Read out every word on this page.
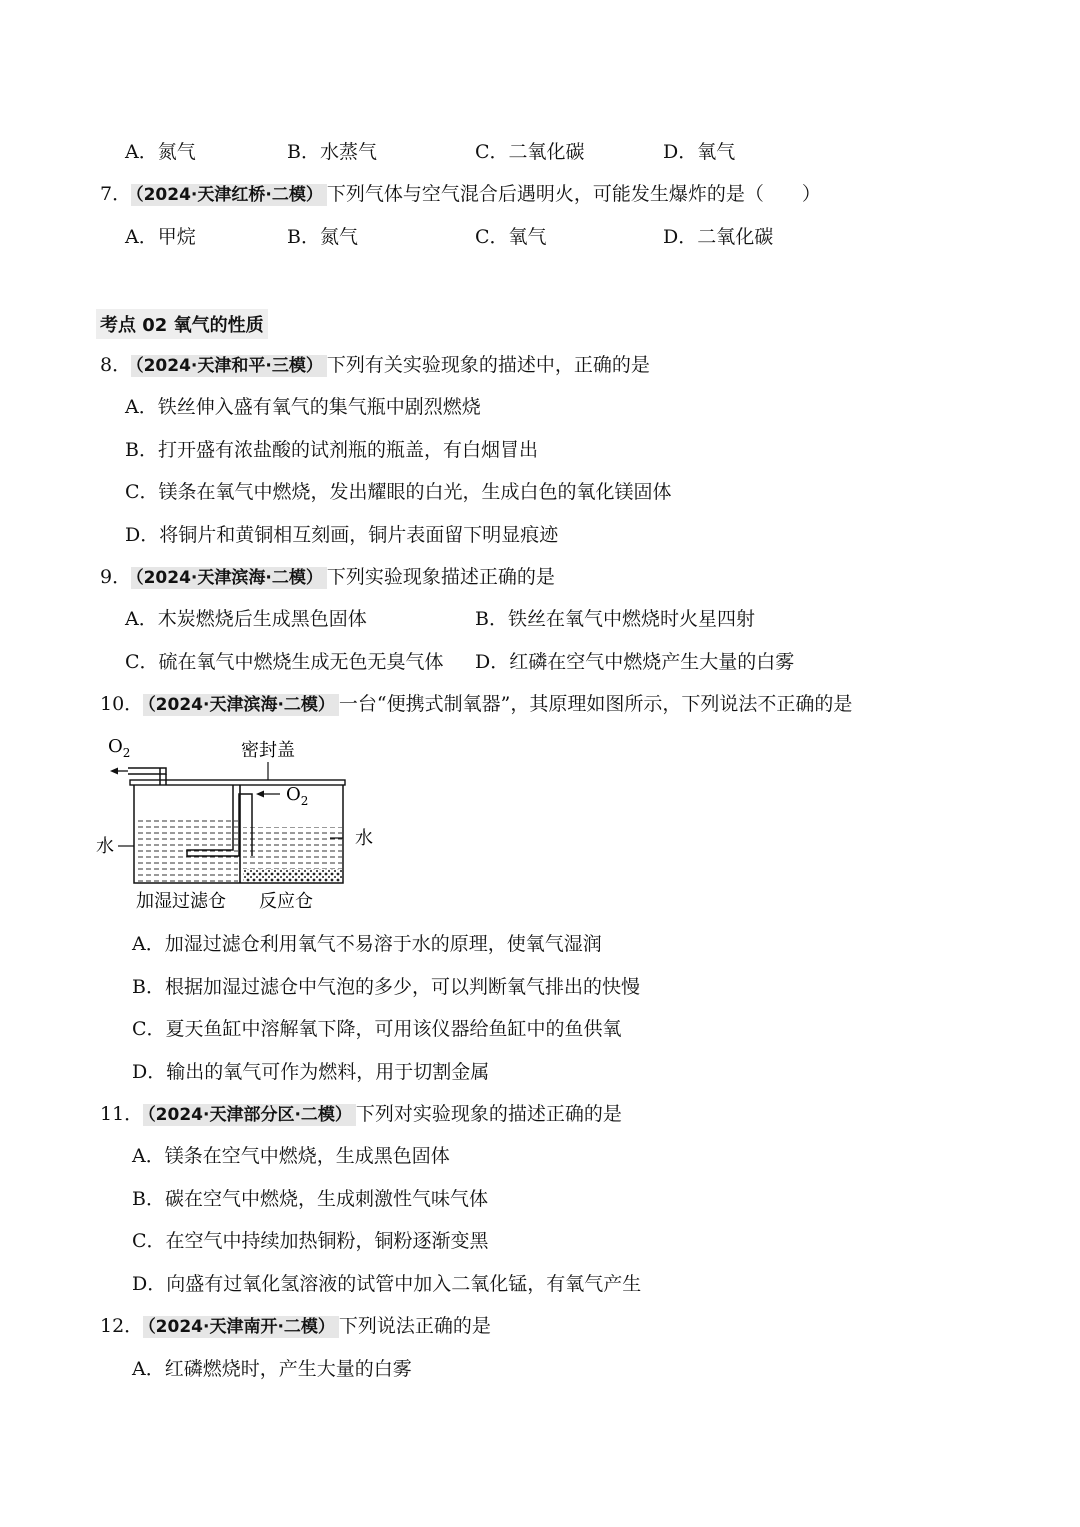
A．氮气	B．水蒸气	C．二氧化碳	D．氧气
7． （2024·天津红桥·二模） 下列气体与空气混合后遇明火，可能发生爆炸的是（　　）
A．甲烷	B．氮气	C．氧气	D．二氧化碳
考点 02 氧气的性质
8． （2024·天津和平·三模） 下列有关实验现象的描述中，正确的是
A．铁丝伸入盛有氧气的集气瓶中剧烈燃烧
B．打开盛有浓盐酸的试剂瓶的瓶盖，有白烟冒出
C．镁条在氧气中燃烧，发出耀眼的白光，生成白色的氧化镁固体
D．将铜片和黄铜相互刻画，铜片表面留下明显痕迹
9． （2024·天津滨海·二模） 下列实验现象描述正确的是
A．木炭燃烧后生成黑色固体	B．铁丝在氧气中燃烧时火星四射
C．硫在氧气中燃烧生成无色无臭气体 D．红磷在空气中燃烧产生大量的白雾
10． （2024·天津滨海·二模） 一台“便携式制氧器”，其原理如图所示，下列说法不正确的是
$O_2$	密封盖
$O_2$
水	水
加湿过滤仓 反应仓
A．加湿过滤仓利用氧气不易溶于水的原理，使氧气湿润
B．根据加湿过滤仓中气泡的多少，可以判断氧气排出的快慢
C．夏天鱼缸中溶解氧下降，可用该仪器给鱼缸中的鱼供氧
D．输出的氧气可作为燃料，用于切割金属
11． （2024·天津部分区·二模） 下列对实验现象的描述正确的是
A．镁条在空气中燃烧，生成黑色固体
B．碳在空气中燃烧，生成刺激性气味气体
C．在空气中持续加热铜粉，铜粉逐渐变黑
D．向盛有过氧化氢溶液的试管中加入二氧化锰，有氧气产生
12． （2024·天津南开·二模） 下列说法正确的是
A．红磷燃烧时，产生大量的白雾
